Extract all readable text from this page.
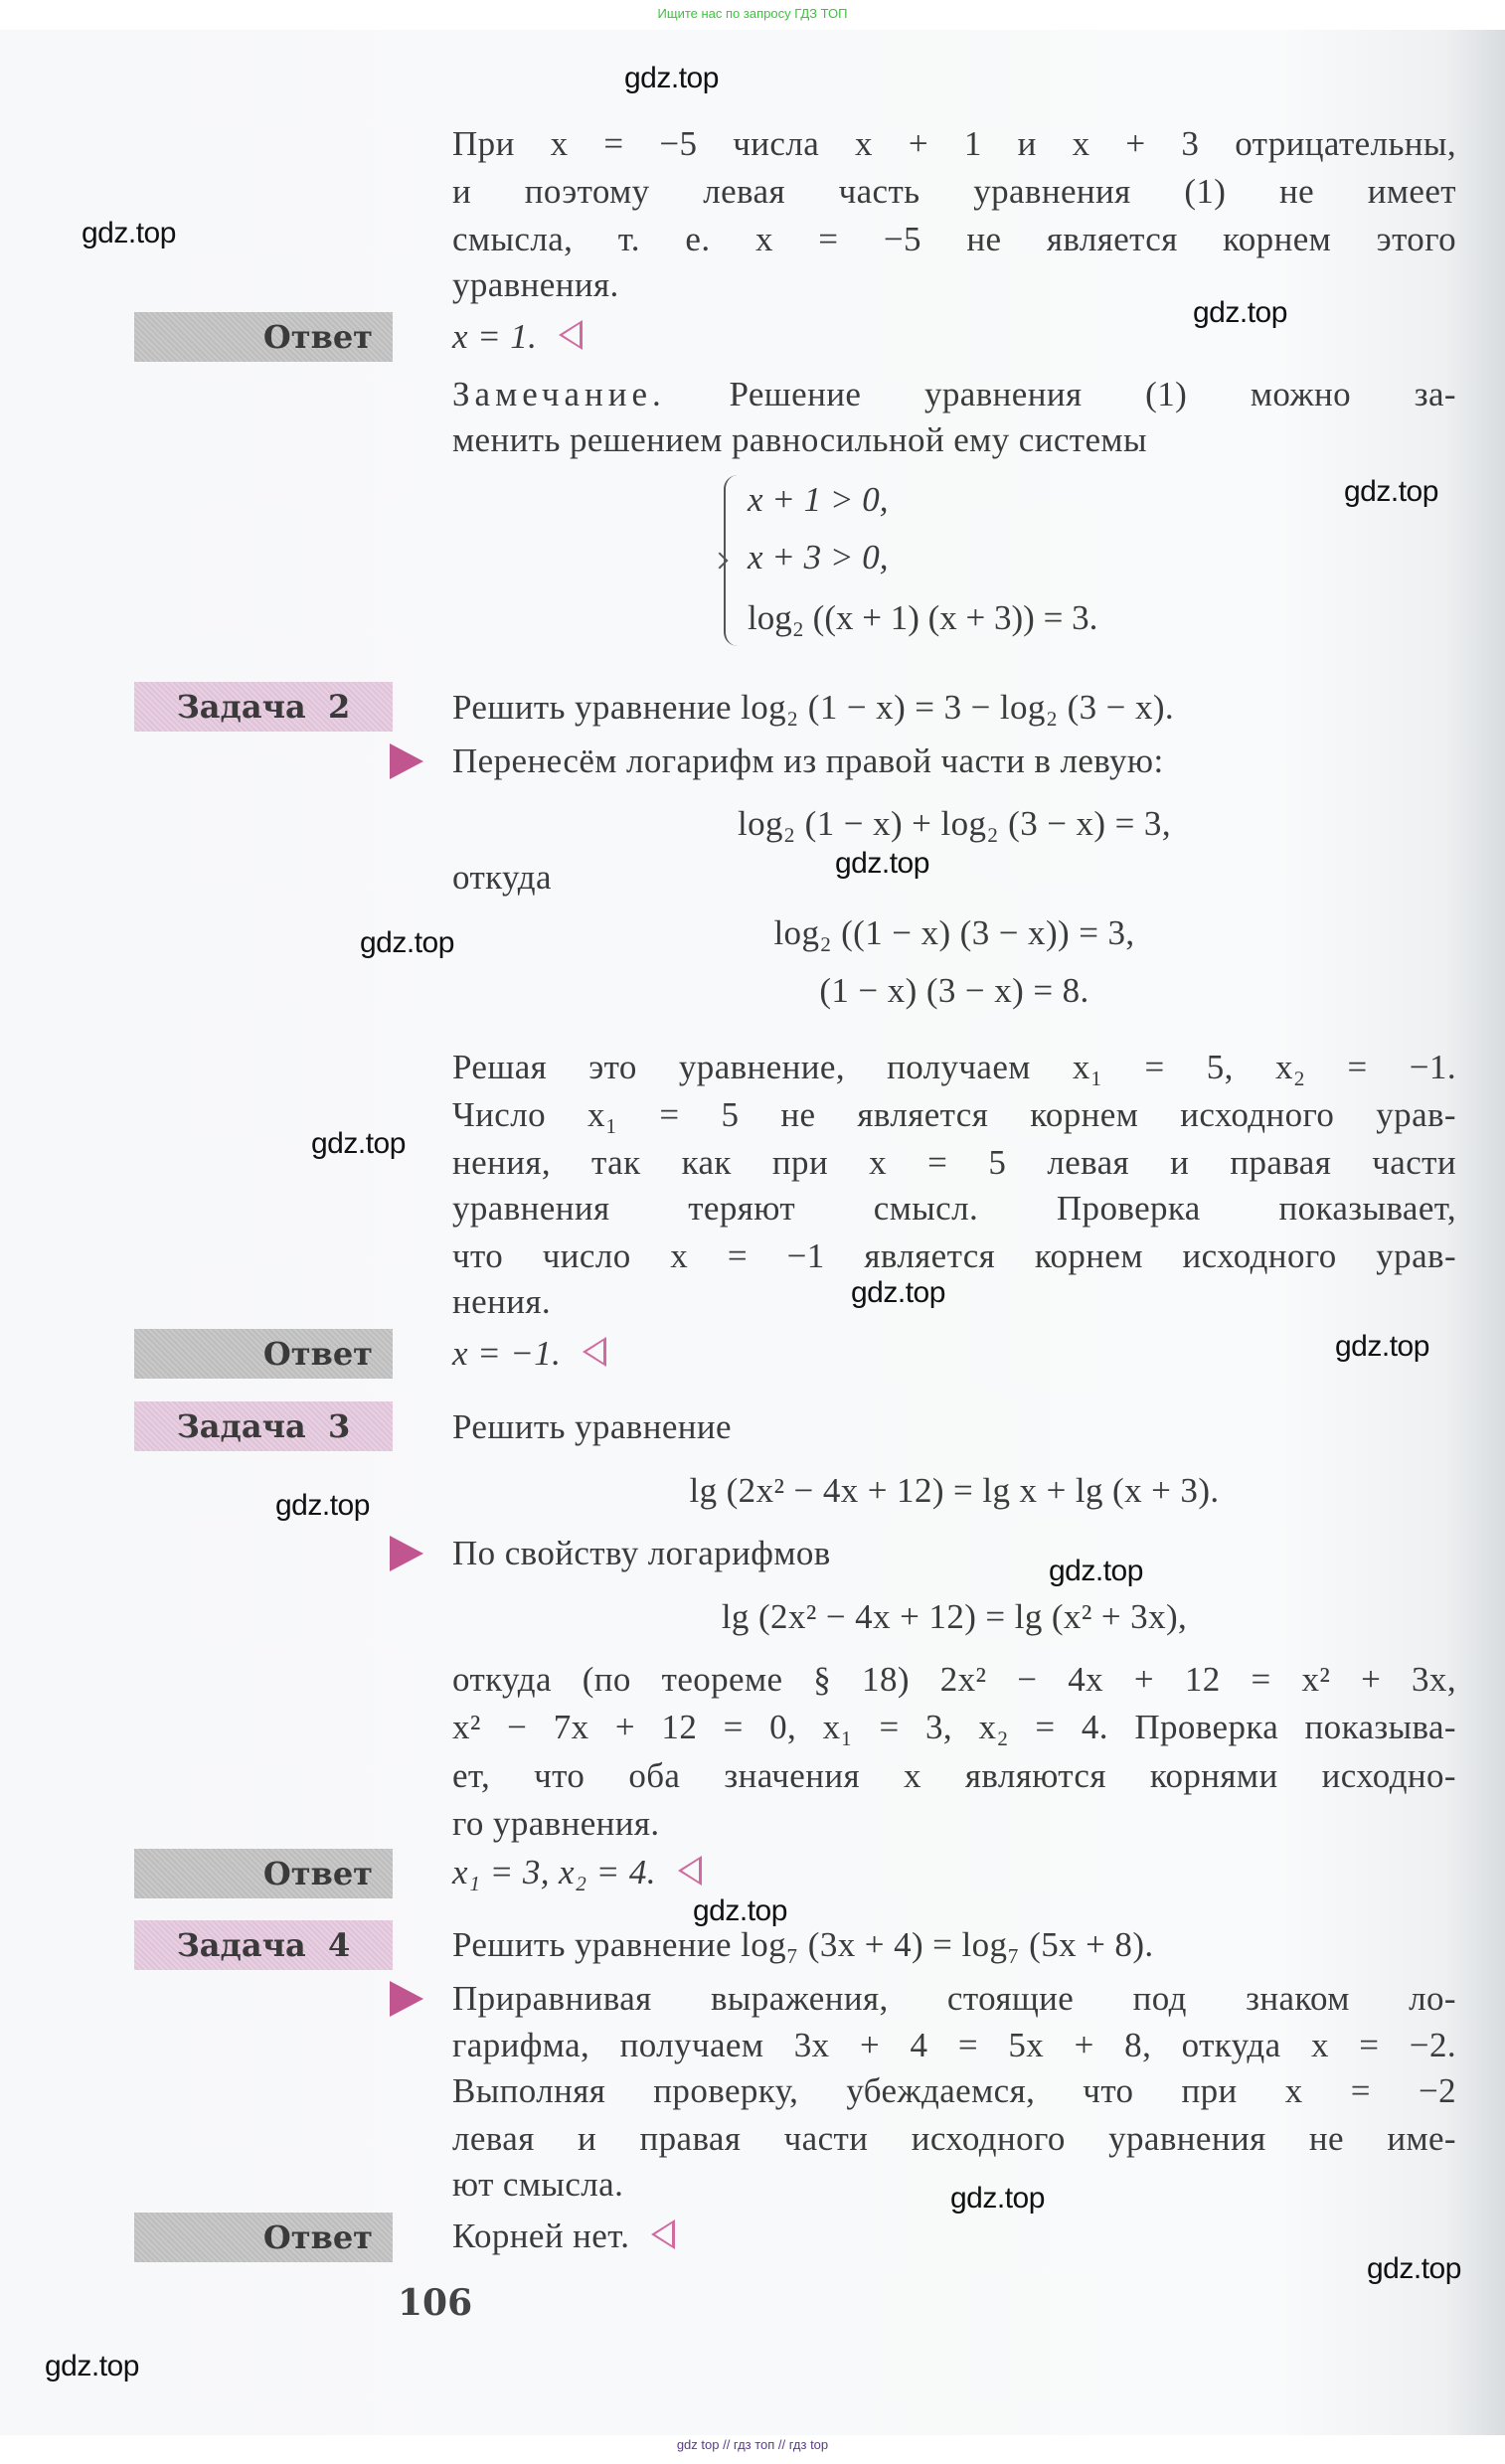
Ищите нас по запросу ГДЗ ТОП
gdz.top
gdz.top
gdz.top
gdz.top
gdz.top
gdz.top
gdz.top
gdz.top
gdz.top
gdz.top
gdz.top
gdz.top
gdz.top
gdz.top
gdz.top
При x = −5 числа x + 1 и x + 3 отрицательны,
и поэтому левая часть уравнения (1) не имеет
смысла, т. е. x = −5 не является корнем этого
уравнения.
Ответ	x = 1.
Замечание. Решение уравнения (1) можно за-
менить решением равносильной ему системы
x + 1 > 0,
x + 3 > 0,
log₂ ((x + 1) (x + 3)) = 3.
Задача 2	Решить уравнение log₂ (1 − x) = 3 − log₂ (3 − x).
Перенесём логарифм из правой части в левую:
log₂ (1 − x) + log₂ (3 − x) = 3,
откуда
log₂ ((1 − x) (3 − x)) = 3,
(1 − x) (3 − x) = 8.
Решая это уравнение, получаем x₁ = 5, x₂ = −1.
Число x₁ = 5 не является корнем исходного урав-
нения, так как при x = 5 левая и правая части
уравнения теряют смысл. Проверка показывает,
что число x = −1 является корнем исходного урав-
нения.
Ответ	x = −1.
Задача 3	Решить уравнение
lg (2x² − 4x + 12) = lg x + lg (x + 3).
По свойству логарифмов
lg (2x² − 4x + 12) = lg (x² + 3x),
откуда (по теореме § 18) 2x² − 4x + 12 = x² + 3x,
x² − 7x + 12 = 0, x₁ = 3, x₂ = 4. Проверка показыва-
ет, что оба значения x являются корнями исходно-
го уравнения.
Ответ	x₁ = 3, x₂ = 4.
Задача 4	Решить уравнение log₇ (3x + 4) = log₇ (5x + 8).
Приравнивая выражения, стоящие под знаком ло-
гарифма, получаем 3x + 4 = 5x + 8, откуда x = −2.
Выполняя проверку, убеждаемся, что при x = −2
левая и правая части исходного уравнения не име-
ют смысла.
Ответ	Корней нет.
106
gdz top // гдз топ // гдз top
